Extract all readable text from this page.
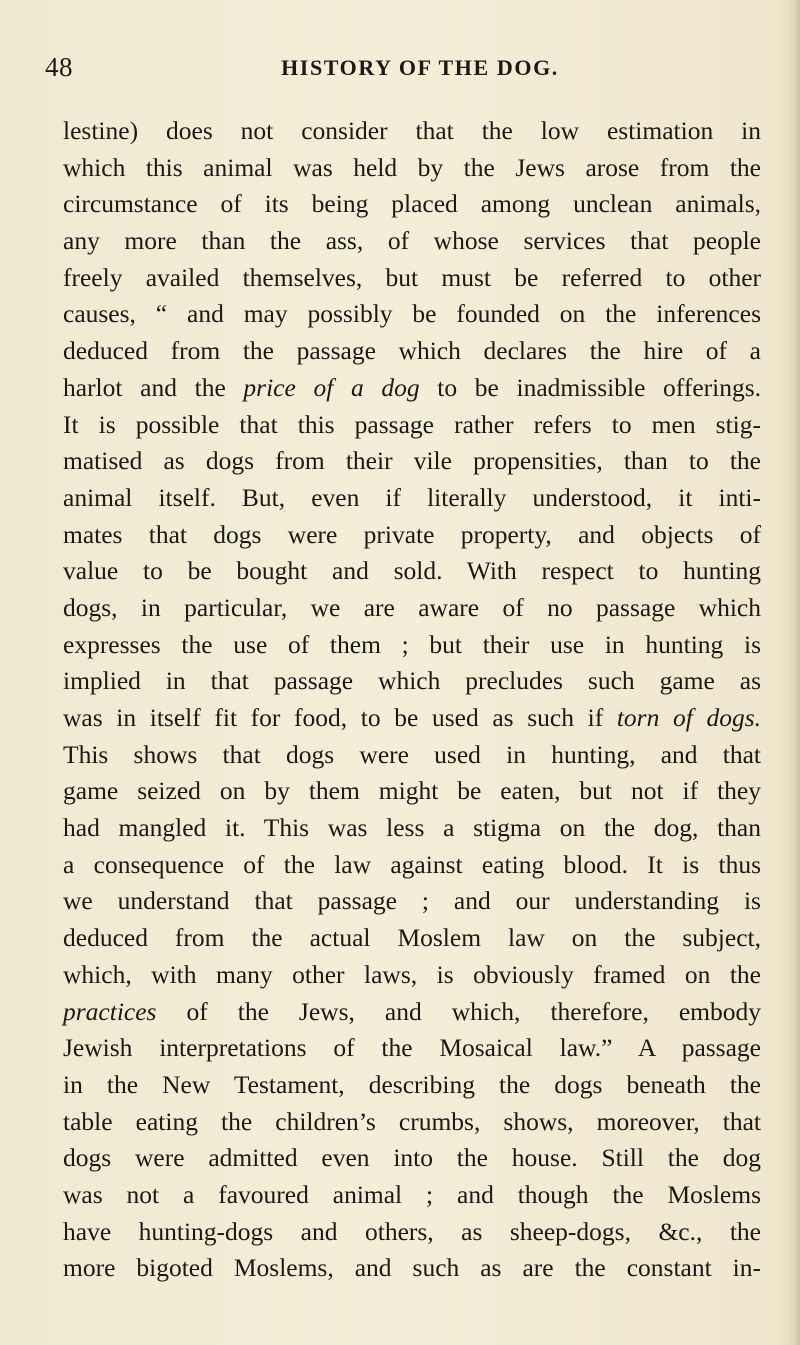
48	HISTORY OF THE DOG.
lestine) does not consider that the low estimation in
which this animal was held by the Jews arose from the
circumstance of its being placed among unclean animals,
any more than the ass, of whose services that people
freely availed themselves, but must be referred to other
causes, “ and may possibly be founded on the inferences
deduced from the passage which declares the hire of a
harlot and the price of a dog to be inadmissible offerings.
It is possible that this passage rather refers to men stig-
matised as dogs from their vile propensities, than to the
animal itself. But, even if literally understood, it inti-
mates that dogs were private property, and objects of
value to be bought and sold. With respect to hunting
dogs, in particular, we are aware of no passage which
expresses the use of them ; but their use in hunting is
implied in that passage which precludes such game as
was in itself fit for food, to be used as such if torn of dogs.
This shows that dogs were used in hunting, and that
game seized on by them might be eaten, but not if they
had mangled it. This was less a stigma on the dog, than
a consequence of the law against eating blood. It is thus
we understand that passage ; and our understanding is
deduced from the actual Moslem law on the subject,
which, with many other laws, is obviously framed on the
practices of the Jews, and which, therefore, embody
Jewish interpretations of the Mosaical law.” A passage
in the New Testament, describing the dogs beneath the
table eating the children’s crumbs, shows, moreover, that
dogs were admitted even into the house. Still the dog
was not a favoured animal ; and though the Moslems
have hunting-dogs and others, as sheep-dogs, &c., the
more bigoted Moslems, and such as are the constant in-
